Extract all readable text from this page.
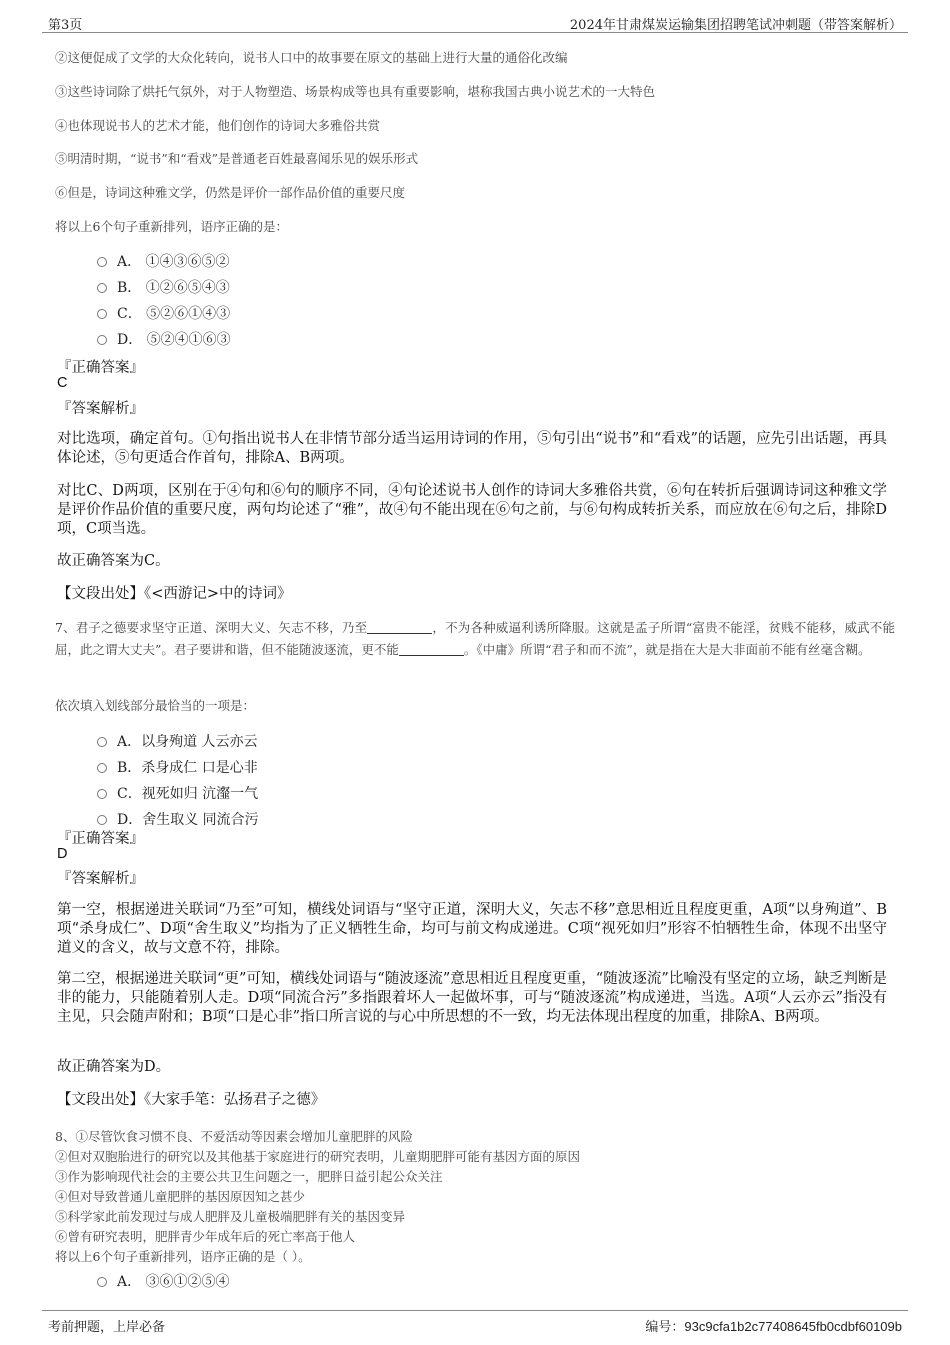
第3页	2024年甘肃煤炭运输集团招聘笔试冲刺题（带答案解析）
②这便促成了文学的大众化转向，说书人口中的故事要在原文的基础上进行大量的通俗化改编
③这些诗词除了烘托气氛外，对于人物塑造、场景构成等也具有重要影响，堪称我国古典小说艺术的一大特色
④也体现说书人的艺术才能，他们创作的诗词大多雅俗共赏
⑤明清时期，“说书”和“看戏”是普通老百姓最喜闻乐见的娱乐形式
⑥但是，诗词这种雅文学，仍然是评价一部作品价值的重要尺度
将以上6个句子重新排列，语序正确的是：
A． ①④③⑥⑤②
B． ①②⑥⑤④③
C． ⑤②⑥①④③
D． ⑤②④①⑥③
『正确答案』
C
『答案解析』
对比选项，确定首句。①句指出说书人在非情节部分适当运用诗词的作用，⑤句引出“说书”和“看戏”的话题，应先引出话题，再具体论述，⑤句更适合作首句，排除A、B两项。
对比C、D两项，区别在于④句和⑥句的顺序不同，④句论述说书人创作的诗词大多雅俗共赏，⑥句在转折后强调诗词这种雅文学是评价作品价值的重要尺度，两句均论述了“雅”，故④句不能出现在⑥句之前，与⑥句构成转折关系，而应放在⑥句之后，排除D项，C项当选。
故正确答案为C。
【文段出处】《<西游记>中的诗词》
7、君子之德要求坚守正道、深明大义、矢志不移，乃至	，不为各种威逼利诱所降服。这就是孟子所谓“富贵不能淫，贫贱不能移，威武不能屈，此之谓大丈夫”。君子要讲和谐，但不能随波逐流，更不能	。《中庸》所谓“君子和而不流”，就是指在大是大非面前不能有丝毫含糊。
依次填入划线部分最恰当的一项是：
A．以身殉道 人云亦云
B．杀身成仁 口是心非
C．视死如归 沆瀣一气
D．舍生取义 同流合污
『正确答案』
D
『答案解析』
第一空，根据递进关联词“乃至”可知，横线处词语与“坚守正道，深明大义，矢志不移”意思相近且程度更重，A项“以身殉道”、B项“杀身成仁”、D项“舍生取义”均指为了正义牺牲生命，均可与前文构成递进。C项“视死如归”形容不怕牺牲生命，体现不出坚守道义的含义，故与文意不符，排除。
第二空，根据递进关联词“更”可知，横线处词语与“随波逐流”意思相近且程度更重，“随波逐流”比喻没有坚定的立场，缺乏判断是非的能力，只能随着别人走。D项“同流合污”多指跟着坏人一起做坏事，可与“随波逐流”构成递进，当选。A项“人云亦云”指没有主见，只会随声附和；B项“口是心非”指口所言说的与心中所思想的不一致，均无法体现出程度的加重，排除A、B两项。
故正确答案为D。
【文段出处】《大家手笔：弘扬君子之德》
8、①尽管饮食习惯不良、不爱活动等因素会增加儿童肥胖的风险
②但对双胞胎进行的研究以及其他基于家庭进行的研究表明，儿童期肥胖可能有基因方面的原因
③作为影响现代社会的主要公共卫生问题之一，肥胖日益引起公众关注
④但对导致普通儿童肥胖的基因原因知之甚少
⑤科学家此前发现过与成人肥胖及儿童极端肥胖有关的基因变异
⑥曾有研究表明，肥胖青少年成年后的死亡率高于他人
将以上6个句子重新排列，语序正确的是（ ）。
A． ③⑥①②⑤④
考前押题，上岸必备	编号：93c9cfa1b2c77408645fb0cdbf60109b
